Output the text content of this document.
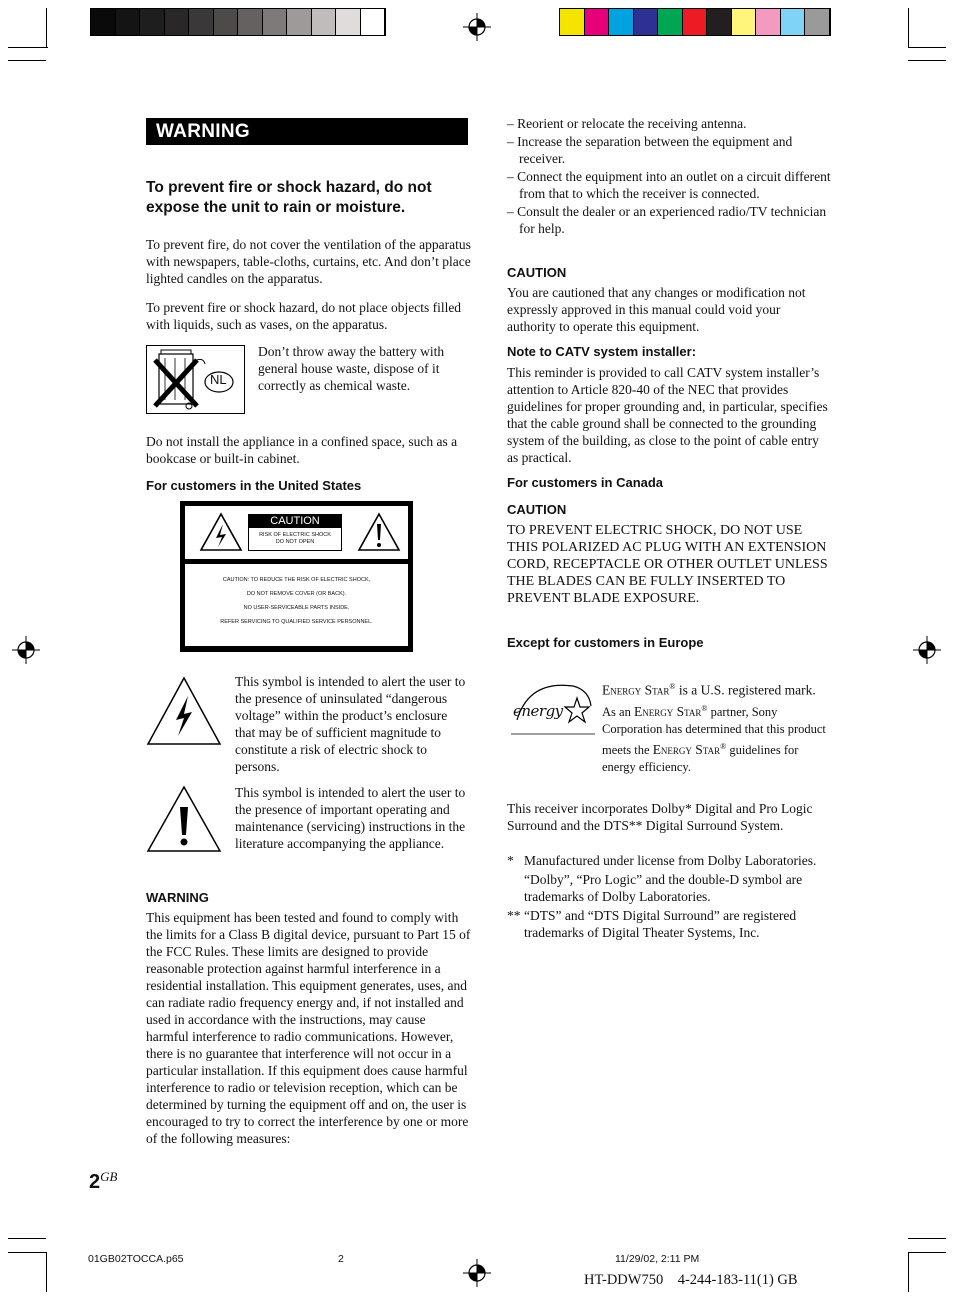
WARNING

To prevent fire or shock hazard, do not expose the unit to rain or moisture.

To prevent fire, do not cover the ventilation of the apparatus with newspapers, table-cloths, curtains, etc. And don’t place lighted candles on the apparatus.

To prevent fire or shock hazard, do not place objects filled with liquids, such as vases, on the apparatus.

NL

Don’t throw away the battery with general house waste, dispose of it correctly as chemical waste.

Do not install the appliance in a confined space, such as a bookcase or built-in cabinet.

For customers in the United States

CAUTION
RISK OF ELECTRIC SHOCK
DO NOT OPEN
CAUTION: TO REDUCE THE RISK OF ELECTRIC SHOCK,
DO NOT REMOVE COVER (OR BACK).
NO USER-SERVICEABLE PARTS INSIDE.
REFER SERVICING TO QUALIFIED SERVICE PERSONNEL.

This symbol is intended to alert the user to the presence of uninsulated “dangerous voltage” within the product’s enclosure that may be of sufficient magnitude to constitute a risk of electric shock to persons.

This symbol is intended to alert the user to the presence of important operating and maintenance (servicing) instructions in the literature accompanying the appliance.

WARNING

This equipment has been tested and found to comply with the limits for a Class B digital device, pursuant to Part 15 of the FCC Rules. These limits are designed to provide reasonable protection against harmful interference in a residential installation. This equipment generates, uses, and can radiate radio frequency energy and, if not installed and used in accordance with the instructions, may cause harmful interference to radio communications. However, there is no guarantee that interference will not occur in a particular installation. If this equipment does cause harmful interference to radio or television reception, which can be determined by turning the equipment off and on, the user is encouraged to try to correct the interference by one or more of the following measures:

$2^{GB}$

– Reorient or relocate the receiving antenna.

– Increase the separation between the equipment and receiver.

– Connect the equipment into an outlet on a circuit different from that to which the receiver is connected.

– Consult the dealer or an experienced radio/TV technician for help.

CAUTION

You are cautioned that any changes or modification not expressly approved in this manual could void your authority to operate this equipment.

Note to CATV system installer:

This reminder is provided to call CATV system installer’s attention to Article 820-40 of the NEC that provides guidelines for proper grounding and, in particular, specifies that the cable ground shall be connected to the grounding system of the building, as close to the point of cable entry as practical.

For customers in Canada

CAUTION

TO PREVENT ELECTRIC SHOCK, DO NOT USE THIS POLARIZED AC PLUG WITH AN EXTENSION CORD, RECEPTACLE OR OTHER OUTLET UNLESS THE BLADES CAN BE FULLY INSERTED TO PREVENT BLADE EXPOSURE.

Except for customers in Europe

energy

Energy Star® is a U.S. registered mark.

As an Energy Star® partner, Sony Corporation has determined that this product meets the Energy Star® guidelines for energy efficiency.

This receiver incorporates Dolby* Digital and Pro Logic Surround and the DTS** Digital Surround System.

* Manufactured under license from Dolby Laboratories.

“Dolby”, “Pro Logic” and the double-D symbol are trademarks of Dolby Laboratories.

** “DTS” and “DTS Digital Surround” are registered trademarks of Digital Theater Systems, Inc.
01GB02TOCCA.p65	2	11/29/02, 2:11 PM
HT-DDW750    4-244-183-11(1) GB
